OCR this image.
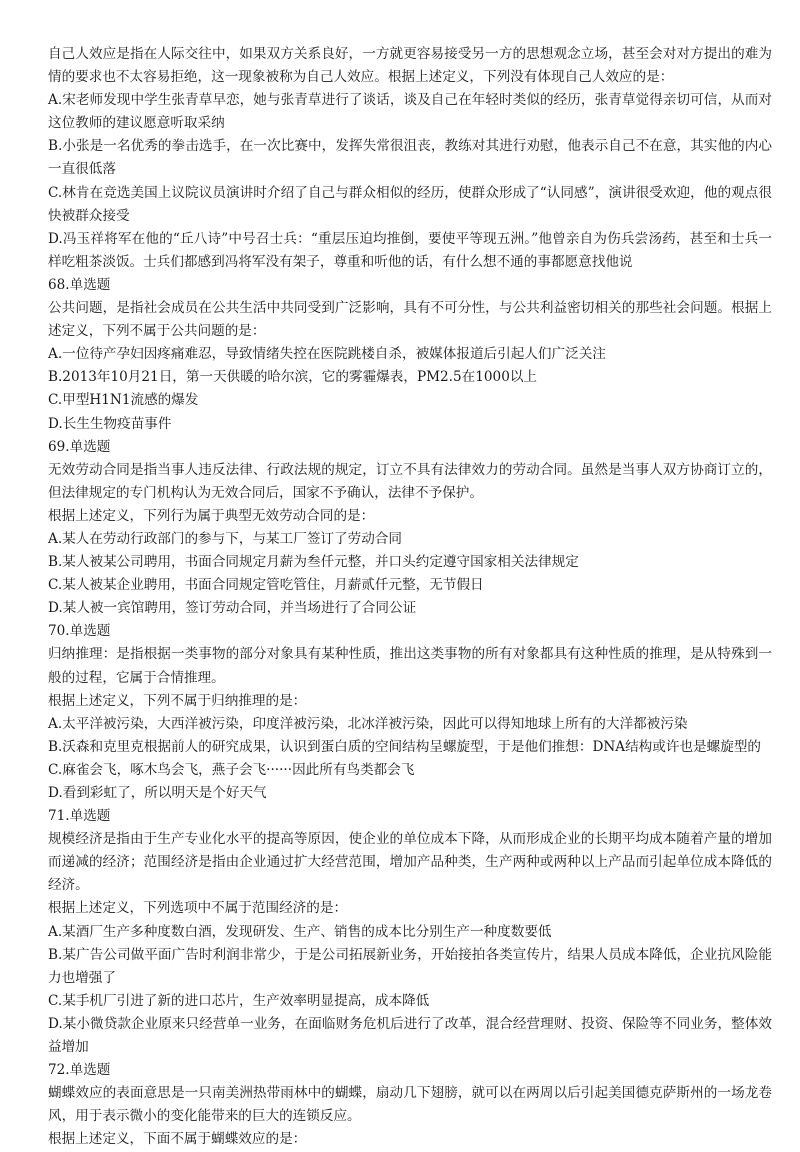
自己人效应是指在人际交往中，如果双方关系良好，一方就更容易接受另一方的思想观念立场，甚至会对对方提出的难为情的要求也不太容易拒绝，这一现象被称为自己人效应。根据上述定义，下列没有体现自己人效应的是：

A.宋老师发现中学生张青草早恋，她与张青草进行了谈话，谈及自己在年轻时类似的经历，张青草觉得亲切可信，从而对这位教师的建议愿意听取采纳

B.小张是一名优秀的拳击选手，在一次比赛中，发挥失常很沮丧，教练对其进行劝慰，他表示自己不在意，其实他的内心一直很低落

C.林肯在竞选美国上议院议员演讲时介绍了自己与群众相似的经历，使群众形成了“认同感”，演讲很受欢迎，他的观点很快被群众接受

D.冯玉祥将军在他的“丘八诗”中号召士兵：“重层压迫均推倒，要使平等现五洲。”他曾亲自为伤兵尝汤药，甚至和士兵一样吃粗茶淡饭。士兵们都感到冯将军没有架子，尊重和听他的话，有什么想不通的事都愿意找他说

68.单选题

公共问题，是指社会成员在公共生活中共同受到广泛影响，具有不可分性，与公共利益密切相关的那些社会问题。根据上述定义，下列不属于公共问题的是：

A.一位待产孕妇因疼痛难忍，导致情绪失控在医院跳楼自杀，被媒体报道后引起人们广泛关注

B.2013年10月21日，第一天供暖的哈尔滨，它的雾霾爆表，PM2.5在1000以上

C.甲型H1N1流感的爆发

D.长生生物疫苗事件

69.单选题

无效劳动合同是指当事人违反法律、行政法规的规定，订立不具有法律效力的劳动合同。虽然是当事人双方协商订立的，但法律规定的专门机构认为无效合同后，国家不予确认，法律不予保护。

根据上述定义，下列行为属于典型无效劳动合同的是：

A.某人在劳动行政部门的参与下，与某工厂签订了劳动合同

B.某人被某公司聘用，书面合同规定月薪为叁仟元整，并口头约定遵守国家相关法律规定

C.某人被某企业聘用，书面合同规定管吃管住，月薪贰仟元整，无节假日

D.某人被一宾馆聘用，签订劳动合同，并当场进行了合同公证

70.单选题

归纳推理：是指根据一类事物的部分对象具有某种性质，推出这类事物的所有对象都具有这种性质的推理，是从特殊到一般的过程，它属于合情推理。

根据上述定义，下列不属于归纳推理的是：

A.太平洋被污染，大西洋被污染，印度洋被污染，北冰洋被污染，因此可以得知地球上所有的大洋都被污染

B.沃森和克里克根据前人的研究成果，认识到蛋白质的空间结构呈螺旋型，于是他们推想：DNA结构或许也是螺旋型的

C.麻雀会飞，啄木鸟会飞，燕子会飞······因此所有鸟类都会飞

D.看到彩虹了，所以明天是个好天气

71.单选题

规模经济是指由于生产专业化水平的提高等原因，使企业的单位成本下降，从而形成企业的长期平均成本随着产量的增加而递减的经济；范围经济是指由企业通过扩大经营范围，增加产品种类，生产两种或两种以上产品而引起单位成本降低的经济。

根据上述定义，下列选项中不属于范围经济的是：

A.某酒厂生产多种度数白酒，发现研发、生产、销售的成本比分别生产一种度数要低

B.某广告公司做平面广告时利润非常少，于是公司拓展新业务，开始接拍各类宣传片，结果人员成本降低，企业抗风险能力也增强了

C.某手机厂引进了新的进口芯片，生产效率明显提高，成本降低

D.某小微贷款企业原来只经营单一业务，在面临财务危机后进行了改革，混合经营理财、投资、保险等不同业务，整体效益增加

72.单选题

蝴蝶效应的表面意思是一只南美洲热带雨林中的蝴蝶，扇动几下翅膀，就可以在两周以后引起美国德克萨斯州的一场龙卷风，用于表示微小的变化能带来的巨大的连锁反应。

根据上述定义，下面不属于蝴蝶效应的是：
